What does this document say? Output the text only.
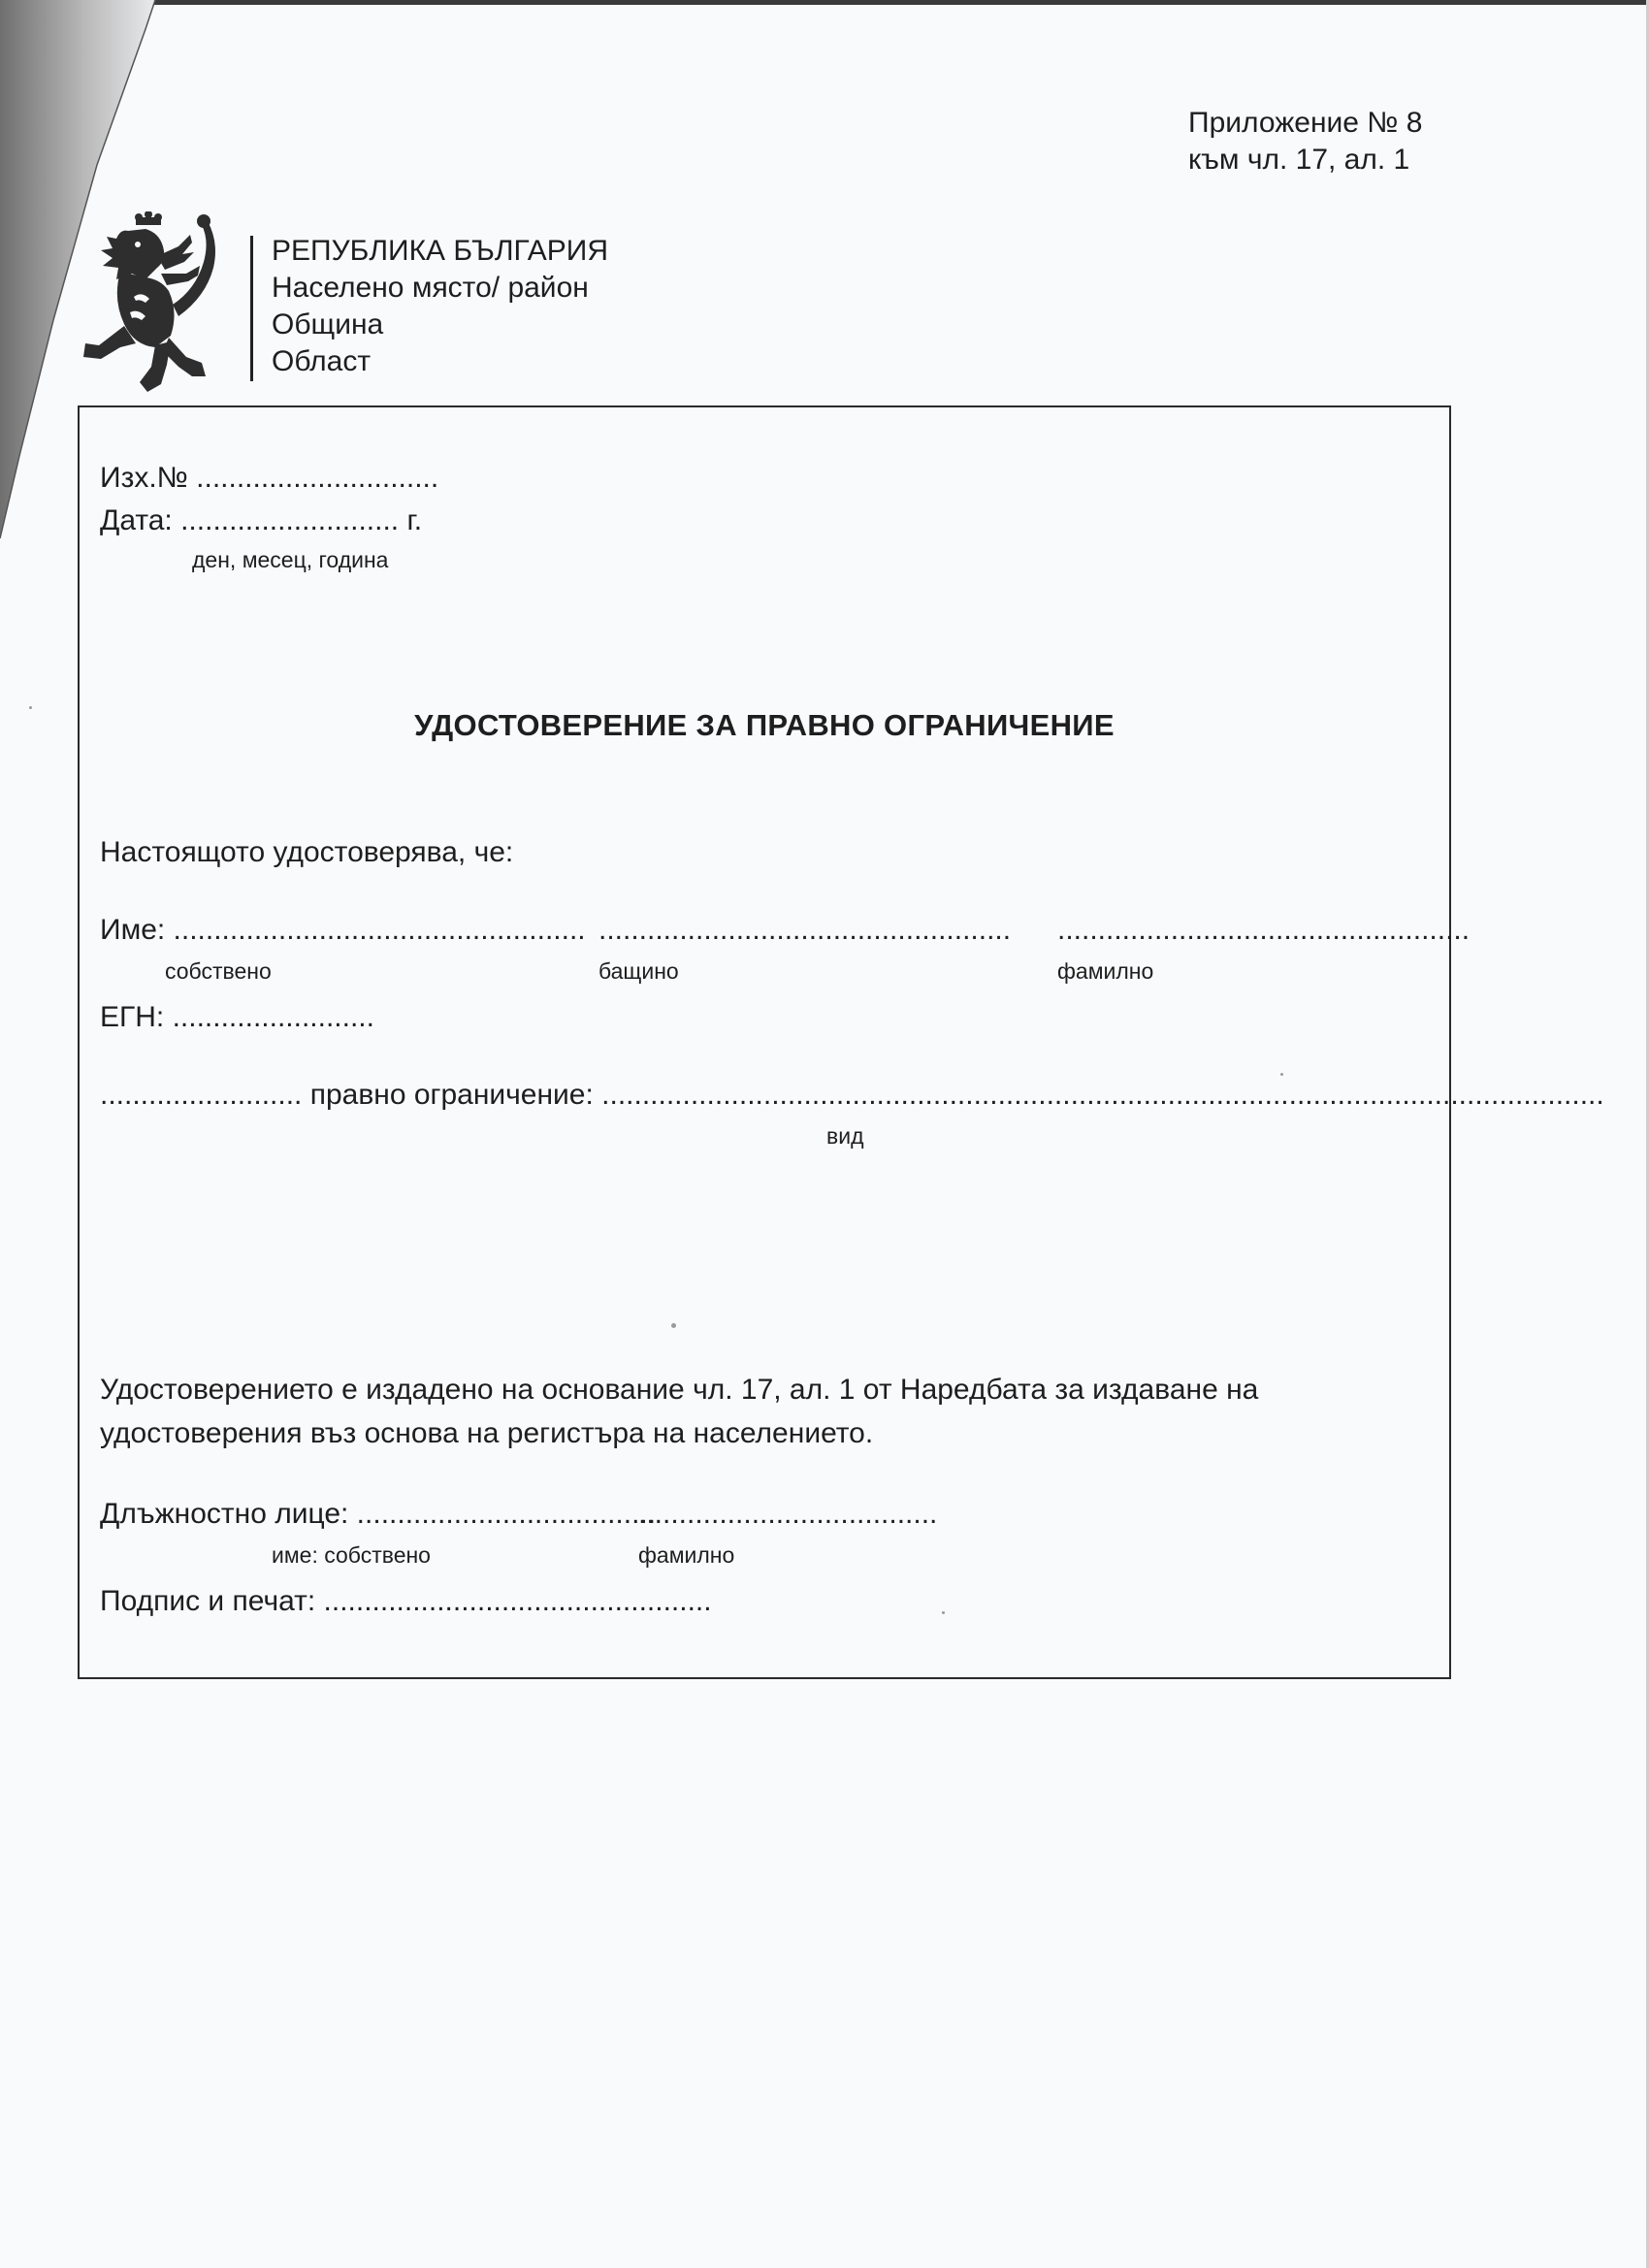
Приложение № 8
към чл. 17, ал. 1
РЕПУБЛИКА БЪЛГАРИЯ
Населено място/ район
Община
Област
Изх.№ ..............................
Дата: ........................... г.
ден, месец, година
УДОСТОВЕРЕНИЕ ЗА ПРАВНО ОГРАНИЧЕНИЕ
Настоящото удостоверява, че:
Име: ................................................... ................................................... ...................................................
собствено	бащино	фамилно
ЕГН: .........................
......................... правно ограничение: ............................................................................................................................
вид
Удостоверението е издадено на основание чл. 17, ал. 1 от Наредбата за издаване на удостоверения въз основа на регистъра на населението.
Длъжностно лице: .....................................
.....................................
име: собствено	фамилно
Подпис и печат: ................................................
